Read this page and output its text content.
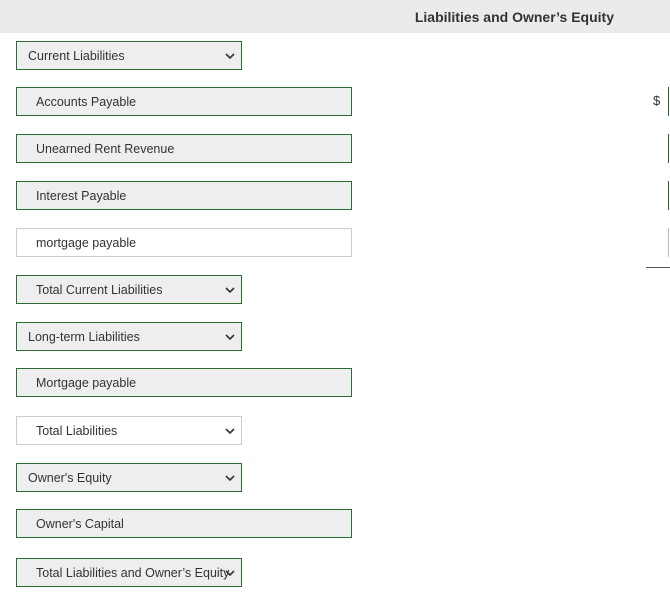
Liabilities and Owner’s Equity
Current Liabilities
Accounts Payable
Unearned Rent Revenue
Interest Payable
mortgage payable
Total Current Liabilities
Long-term Liabilities
Mortgage payable
Total Liabilities
Owner's Equity
Owner's Capital
Total Liabilities and Owner’s Equity
$
